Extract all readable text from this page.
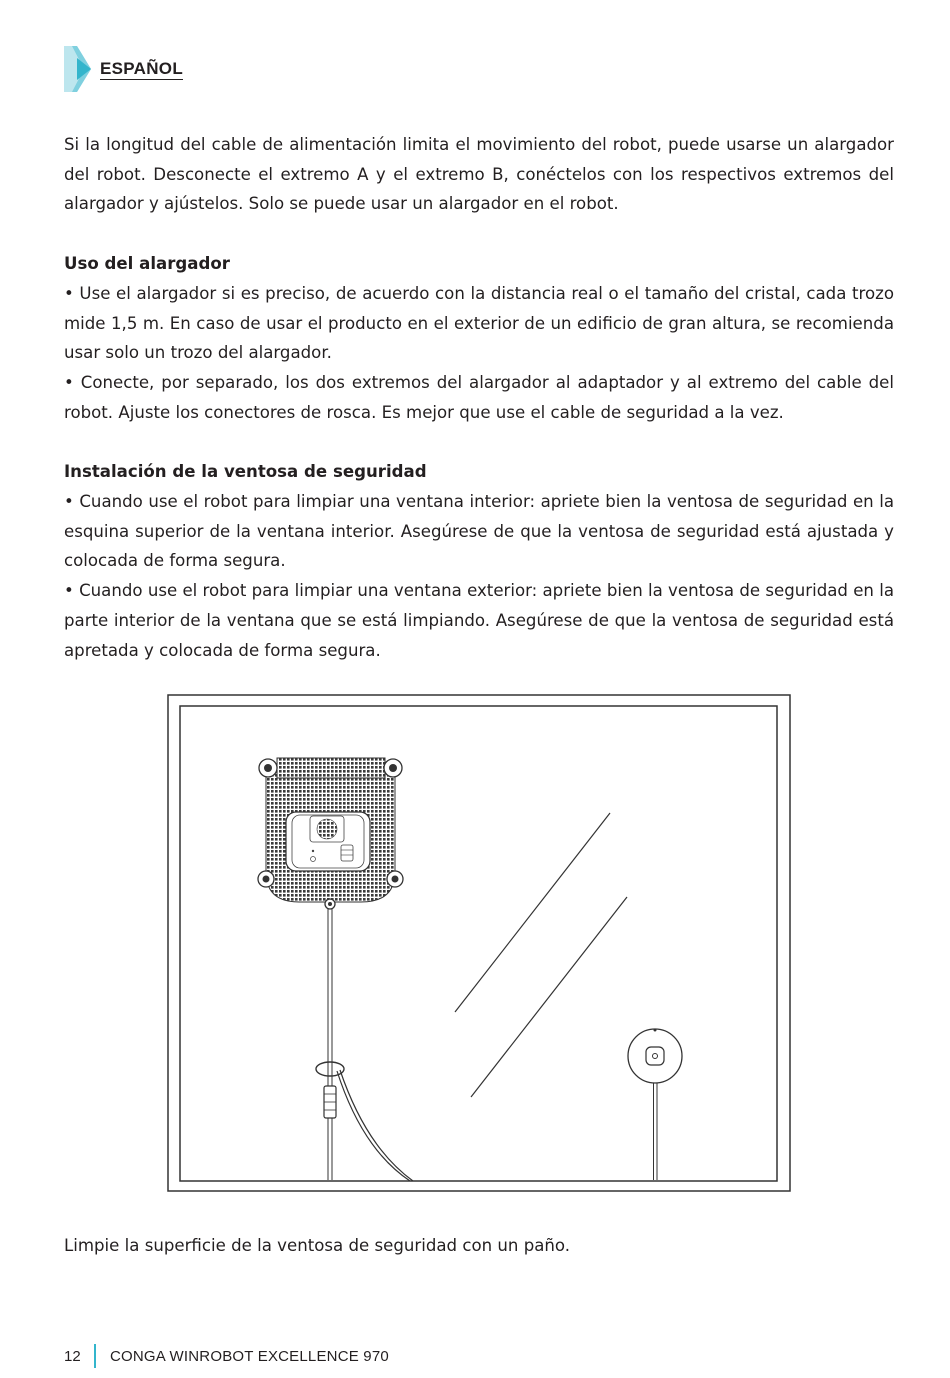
ESPAÑOL

Si la longitud del cable de alimentación limita el movimiento del robot, puede usarse un alargador del robot. Desconecte el extremo A y el extremo B, conéctelos con los respectivos extremos del alargador y ajústelos. Solo se puede usar un alargador en el robot.

Uso del alargador

• Use el alargador si es preciso, de acuerdo con la distancia real o el tamaño del cristal, cada trozo mide 1,5 m. En caso de usar el producto en el exterior de un edificio de gran altura, se recomienda usar solo un trozo del alargador.

• Conecte, por separado, los dos extremos del alargador al adaptador y al extremo del cable del robot. Ajuste los conectores de rosca. Es mejor que use el cable de seguridad a la vez.

Instalación de la ventosa de seguridad

• Cuando use el robot para limpiar una ventana interior: apriete bien la ventosa de seguridad en la esquina superior de la ventana interior. Asegúrese de que la ventosa de seguridad está ajustada y colocada de forma segura.

• Cuando use el robot para limpiar una ventana exterior: apriete bien la ventosa de seguridad en la parte interior de la ventana que se está limpiando. Asegúrese de que la ventosa de seguridad está apretada y colocada de forma segura.

Limpie la superficie de la ventosa de seguridad con un paño.
12	CONGA WINROBOT EXCELLENCE 970
